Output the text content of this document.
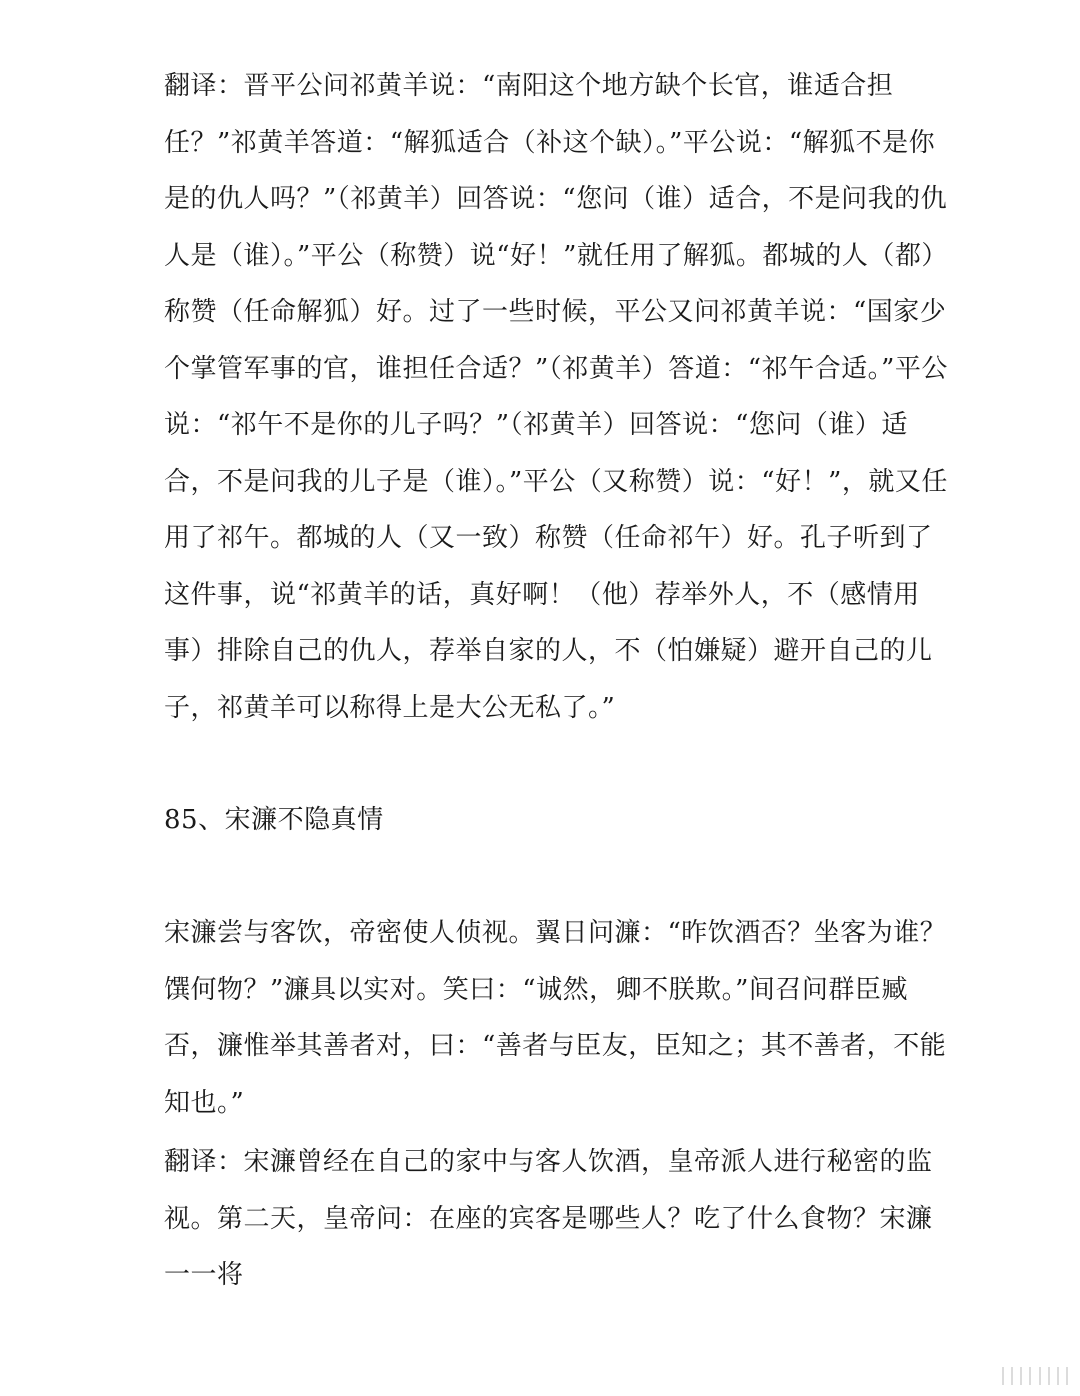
翻译：晋平公问祁黄羊说：“南阳这个地方缺个长官，谁适合担任？”祁黄羊答道：“解狐适合（补这个缺）。”平公说：“解狐不是你是的仇人吗？”（祁黄羊）回答说：“您问（谁）适合，不是问我的仇人是（谁）。”平公（称赞）说“好！”就任用了解狐。都城的人（都）称赞（任命解狐）好。过了一些时候，平公又问祁黄羊说：“国家少个掌管军事的官，谁担任合适？”（祁黄羊）答道：“祁午合适。”平公说：“祁午不是你的儿子吗？”（祁黄羊）回答说：“您问（谁）适合，不是问我的儿子是（谁）。”平公（又称赞）说：“好！”，就又任用了祁午。都城的人（又一致）称赞（任命祁午）好。孔子听到了这件事，说“祁黄羊的话，真好啊！（他）荐举外人，不（感情用事）排除自己的仇人，荐举自家的人，不（怕嫌疑）避开自己的儿子，祁黄羊可以称得上是大公无私了。”

85、宋濂不隐真情

宋濂尝与客饮，帝密使人侦视。翼日问濂：“昨饮酒否？坐客为谁？馔何物？”濂具以实对。笑曰：“诚然，卿不朕欺。”间召问群臣臧否，濂惟举其善者对，曰：“善者与臣友，臣知之；其不善者，不能知也。”

翻译：宋濂曾经在自己的家中与客人饮酒，皇帝派人进行秘密的监视。第二天，皇帝问：在座的宾客是哪些人？吃了什么食物？宋濂一一将
